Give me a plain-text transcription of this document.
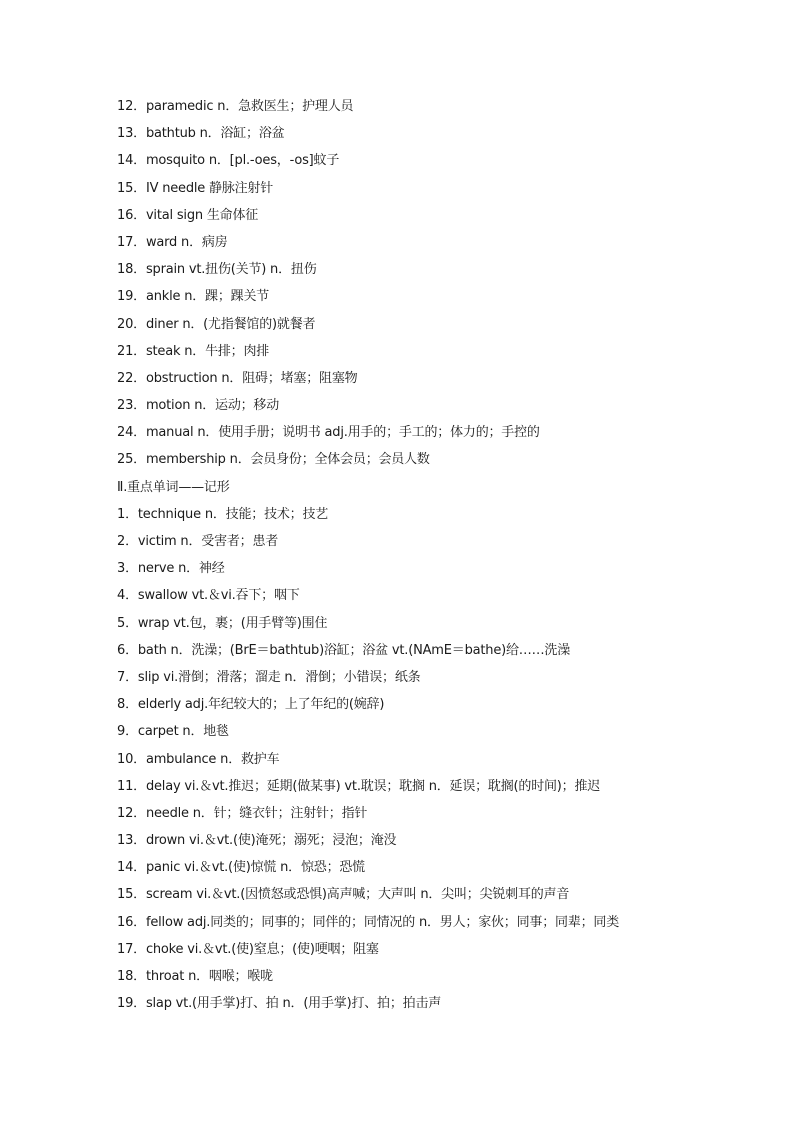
12．paramedic n．急救医生；护理人员
13．bathtub n．浴缸；浴盆
14．mosquito n．[pl.-oes，-os]蚊子
15．IV needle 静脉注射针
16．vital sign 生命体征
17．ward n．病房
18．sprain vt.扭伤(关节) n．扭伤
19．ankle n．踝；踝关节
20．diner n．(尤指餐馆的)就餐者
21．steak n．牛排；肉排
22．obstruction n．阻碍；堵塞；阻塞物
23．motion n．运动；移动
24．manual n．使用手册；说明书 adj.用手的；手工的；体力的；手控的
25．membership n．会员身份；全体会员；会员人数
Ⅱ.重点单词——记形
1．technique n．技能；技术；技艺
2．victim n．受害者；患者
3．nerve n．神经
4．swallow vt.＆vi.吞下；咽下
5．wrap vt.包，裹；(用手臂等)围住
6．bath n．洗澡；(BrE＝bathtub)浴缸；浴盆 vt.(NAmE＝bathe)给……洗澡
7．slip vi.滑倒；滑落；溜走 n．滑倒；小错误；纸条
8．elderly adj.年纪较大的；上了年纪的(婉辞)
9．carpet n．地毯
10．ambulance n．救护车
11．delay vi.＆vt.推迟；延期(做某事) vt.耽误；耽搁 n．延误；耽搁(的时间)；推迟
12．needle n．针；缝衣针；注射针；指针
13．drown vi.＆vt.(使)淹死；溺死；浸泡；淹没
14．panic vi.＆vt.(使)惊慌 n．惊恐；恐慌
15．scream vi.＆vt.(因愤怒或恐惧)高声喊；大声叫 n．尖叫；尖锐刺耳的声音
16．fellow adj.同类的；同事的；同伴的；同情况的 n．男人；家伙；同事；同辈；同类
17．choke vi.＆vt.(使)窒息；(使)哽咽；阻塞
18．throat n．咽喉；喉咙
19．slap vt.(用手掌)打、拍 n．(用手掌)打、拍；拍击声
